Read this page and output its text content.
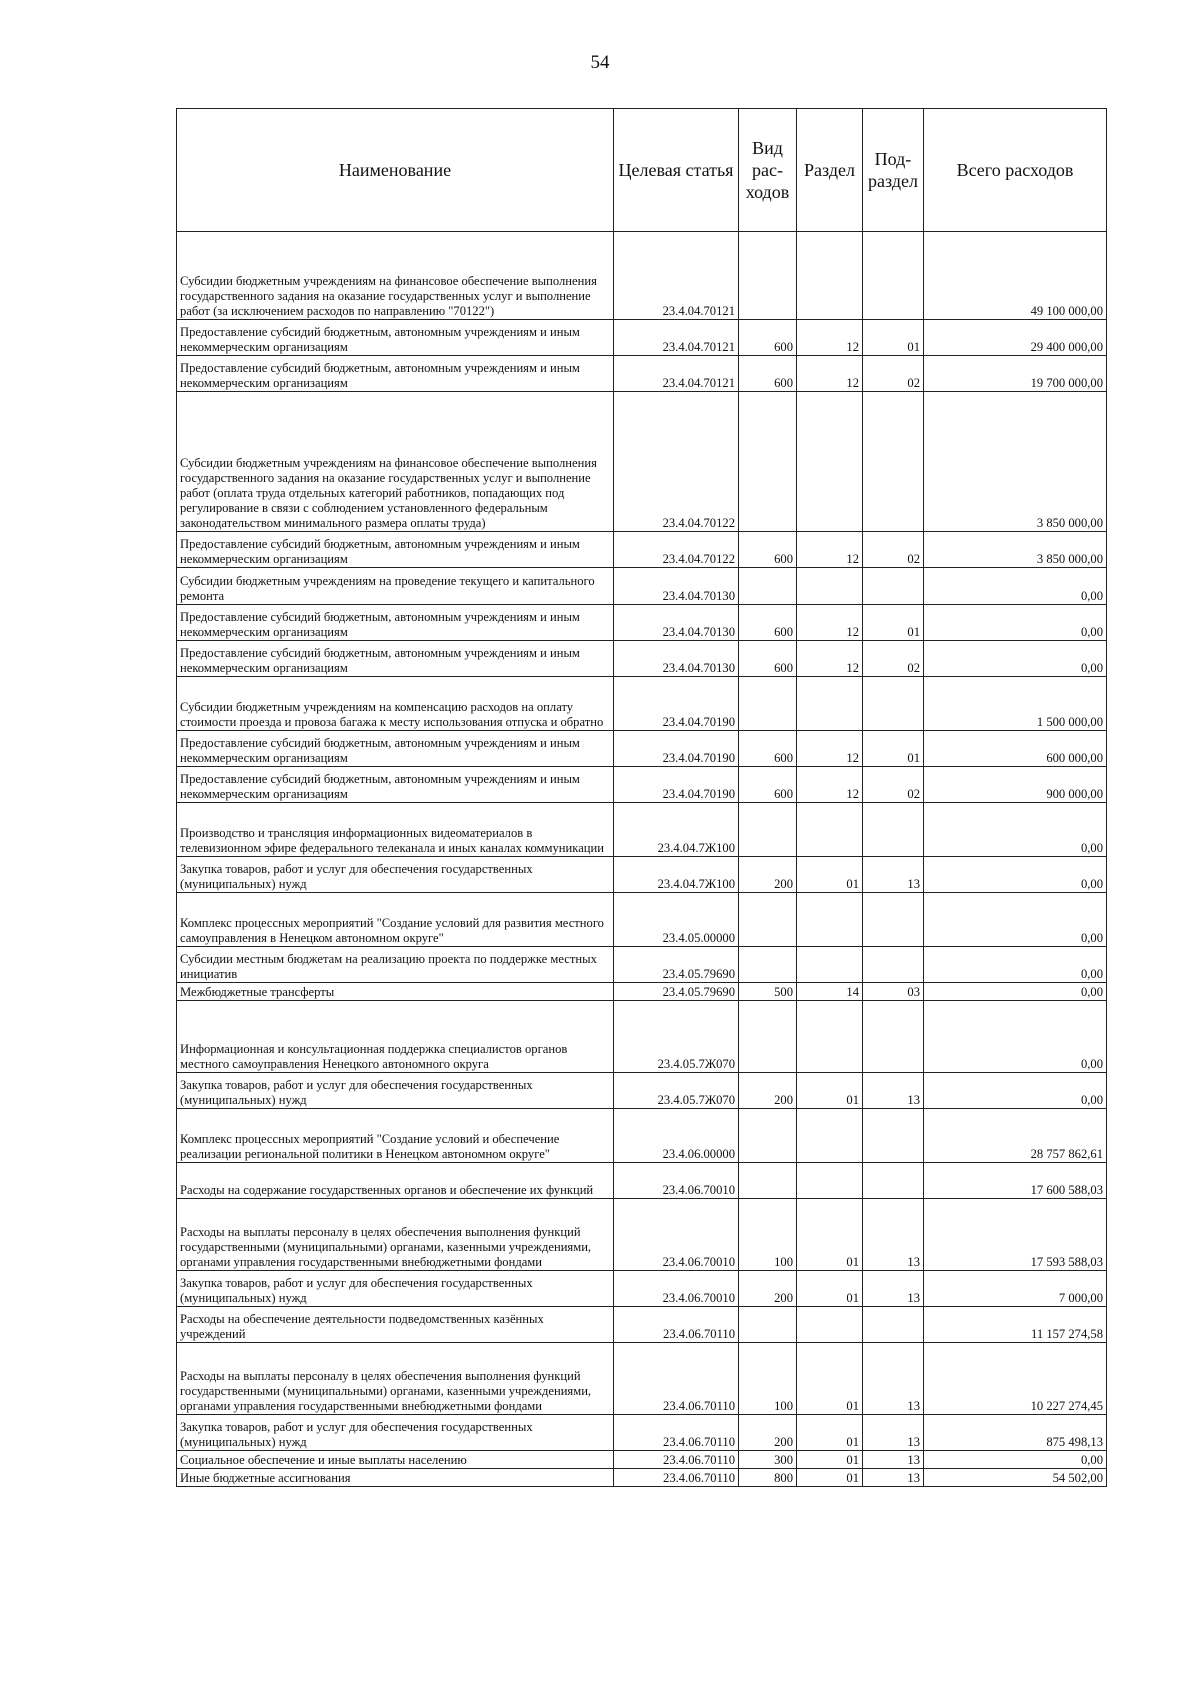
54
Наименование	Целевая статья	Вид рас-ходов	Раздел	Под-раздел	Всего расходов
Субсидии бюджетным учреждениям на финансовое обеспечение выполнения государственного задания на оказание государственных услуг и выполнение работ (за исключением расходов по направлению "70122")	23.4.04.70121				49 100 000,00
Предоставление субсидий бюджетным, автономным учреждениям и иным некоммерческим организациям	23.4.04.70121	600	12	01	29 400 000,00
Предоставление субсидий бюджетным, автономным учреждениям и иным некоммерческим организациям	23.4.04.70121	600	12	02	19 700 000,00
Субсидии бюджетным учреждениям на финансовое обеспечение выполнения государственного задания на оказание государственных услуг и выполнение работ (оплата труда отдельных категорий работников, попадающих под регулирование в связи с соблюдением установленного федеральным законодательством минимального размера оплаты труда)	23.4.04.70122				3 850 000,00
Предоставление субсидий бюджетным, автономным учреждениям и иным некоммерческим организациям	23.4.04.70122	600	12	02	3 850 000,00
Субсидии бюджетным учреждениям на проведение текущего и капитального ремонта	23.4.04.70130				0,00
Предоставление субсидий бюджетным, автономным учреждениям и иным некоммерческим организациям	23.4.04.70130	600	12	01	0,00
Предоставление субсидий бюджетным, автономным учреждениям и иным некоммерческим организациям	23.4.04.70130	600	12	02	0,00
Субсидии бюджетным учреждениям на компенсацию расходов на оплату стоимости проезда и провоза багажа к месту использования отпуска и обратно	23.4.04.70190				1 500 000,00
Предоставление субсидий бюджетным, автономным учреждениям и иным некоммерческим организациям	23.4.04.70190	600	12	01	600 000,00
Предоставление субсидий бюджетным, автономным учреждениям и иным некоммерческим организациям	23.4.04.70190	600	12	02	900 000,00
Производство и трансляция информационных видеоматериалов в телевизионном эфире федерального телеканала и иных каналах коммуникации	23.4.04.7Ж100				0,00
Закупка товаров, работ и услуг для обеспечения государственных (муниципальных) нужд	23.4.04.7Ж100	200	01	13	0,00
Комплекс процессных мероприятий "Создание условий для развития местного самоуправления в Ненецком автономном округе"	23.4.05.00000				0,00
Субсидии местным бюджетам на реализацию проекта по поддержке местных инициатив	23.4.05.79690				0,00
Межбюджетные трансферты	23.4.05.79690	500	14	03	0,00
Информационная и консультационная поддержка специалистов органов местного самоуправления Ненецкого автономного округа	23.4.05.7Ж070				0,00
Закупка товаров, работ и услуг для обеспечения государственных (муниципальных) нужд	23.4.05.7Ж070	200	01	13	0,00
Комплекс процессных мероприятий "Создание условий и обеспечение реализации региональной политики в Ненецком автономном округе"	23.4.06.00000				28 757 862,61
Расходы на содержание государственных органов и обеспечение их функций	23.4.06.70010				17 600 588,03
Расходы на выплаты персоналу в целях обеспечения выполнения функций государственными (муниципальными) органами, казенными учреждениями, органами управления государственными внебюджетными фондами	23.4.06.70010	100	01	13	17 593 588,03
Закупка товаров, работ и услуг для обеспечения государственных (муниципальных) нужд	23.4.06.70010	200	01	13	7 000,00
Расходы на обеспечение деятельности подведомственных казённых учреждений	23.4.06.70110				11 157 274,58
Расходы на выплаты персоналу в целях обеспечения выполнения функций государственными (муниципальными) органами, казенными учреждениями, органами управления государственными внебюджетными фондами	23.4.06.70110	100	01	13	10 227 274,45
Закупка товаров, работ и услуг для обеспечения государственных (муниципальных) нужд	23.4.06.70110	200	01	13	875 498,13
Социальное обеспечение и иные выплаты населению	23.4.06.70110	300	01	13	0,00
Иные бюджетные ассигнования	23.4.06.70110	800	01	13	54 502,00
